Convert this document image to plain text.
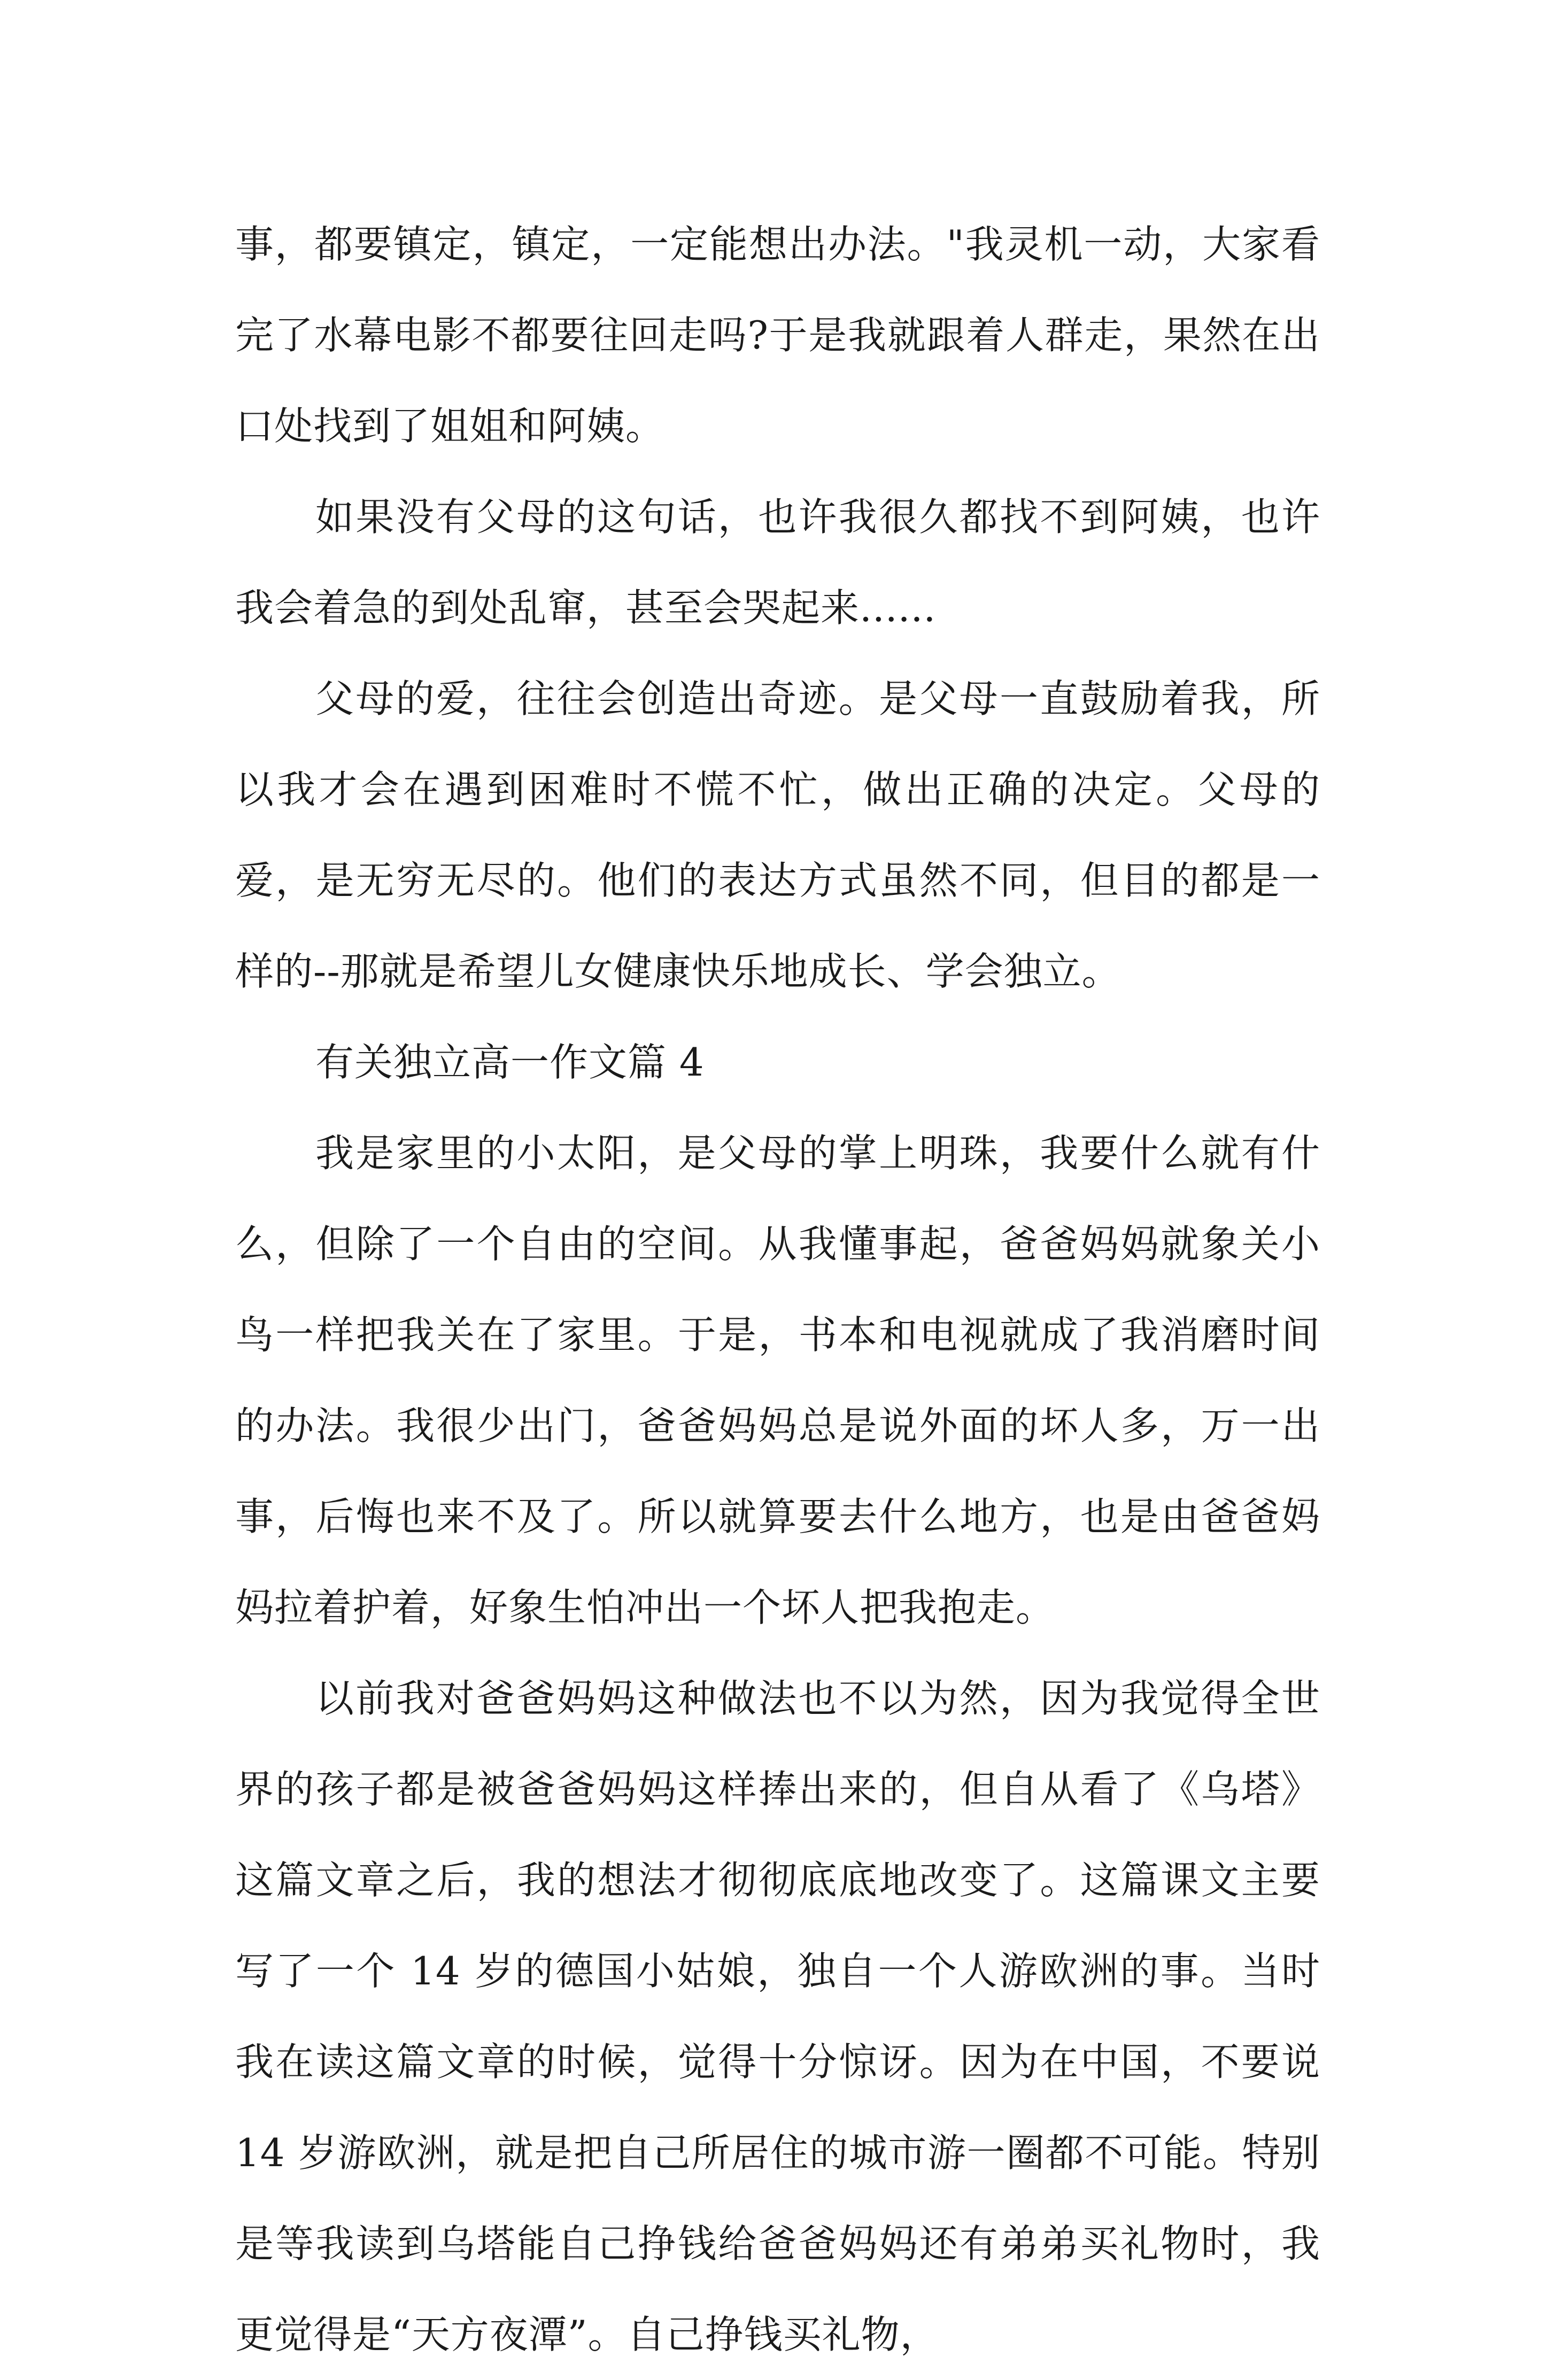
事，都要镇定，镇定，一定能想出办法。"我灵机一动，大家看完了水幕电影不都要往回走吗?于是我就跟着人群走，果然在出口处找到了姐姐和阿姨。

如果没有父母的这句话，也许我很久都找不到阿姨，也许我会着急的到处乱窜，甚至会哭起来......

父母的爱，往往会创造出奇迹。是父母一直鼓励着我，所以我才会在遇到困难时不慌不忙，做出正确的决定。父母的爱，是无穷无尽的。他们的表达方式虽然不同，但目的都是一样的--那就是希望儿女健康快乐地成长、学会独立。

有关独立高一作文篇 4

我是家里的小太阳，是父母的掌上明珠，我要什么就有什么，但除了一个自由的空间。从我懂事起，爸爸妈妈就象关小鸟一样把我关在了家里。于是，书本和电视就成了我消磨时间的办法。我很少出门，爸爸妈妈总是说外面的坏人多，万一出事，后悔也来不及了。所以就算要去什么地方，也是由爸爸妈妈拉着护着，好象生怕冲出一个坏人把我抱走。

以前我对爸爸妈妈这种做法也不以为然，因为我觉得全世界的孩子都是被爸爸妈妈这样捧出来的，但自从看了《乌塔》这篇文章之后，我的想法才彻彻底底地改变了。这篇课文主要写了一个 14 岁的德国小姑娘，独自一个人游欧洲的事。当时我在读这篇文章的时候，觉得十分惊讶。因为在中国，不要说 14 岁游欧洲，就是把自己所居住的城市游一圈都不可能。特别是等我读到乌塔能自己挣钱给爸爸妈妈还有弟弟买礼物时，我更觉得是“天方夜潭”。自己挣钱买礼物，
